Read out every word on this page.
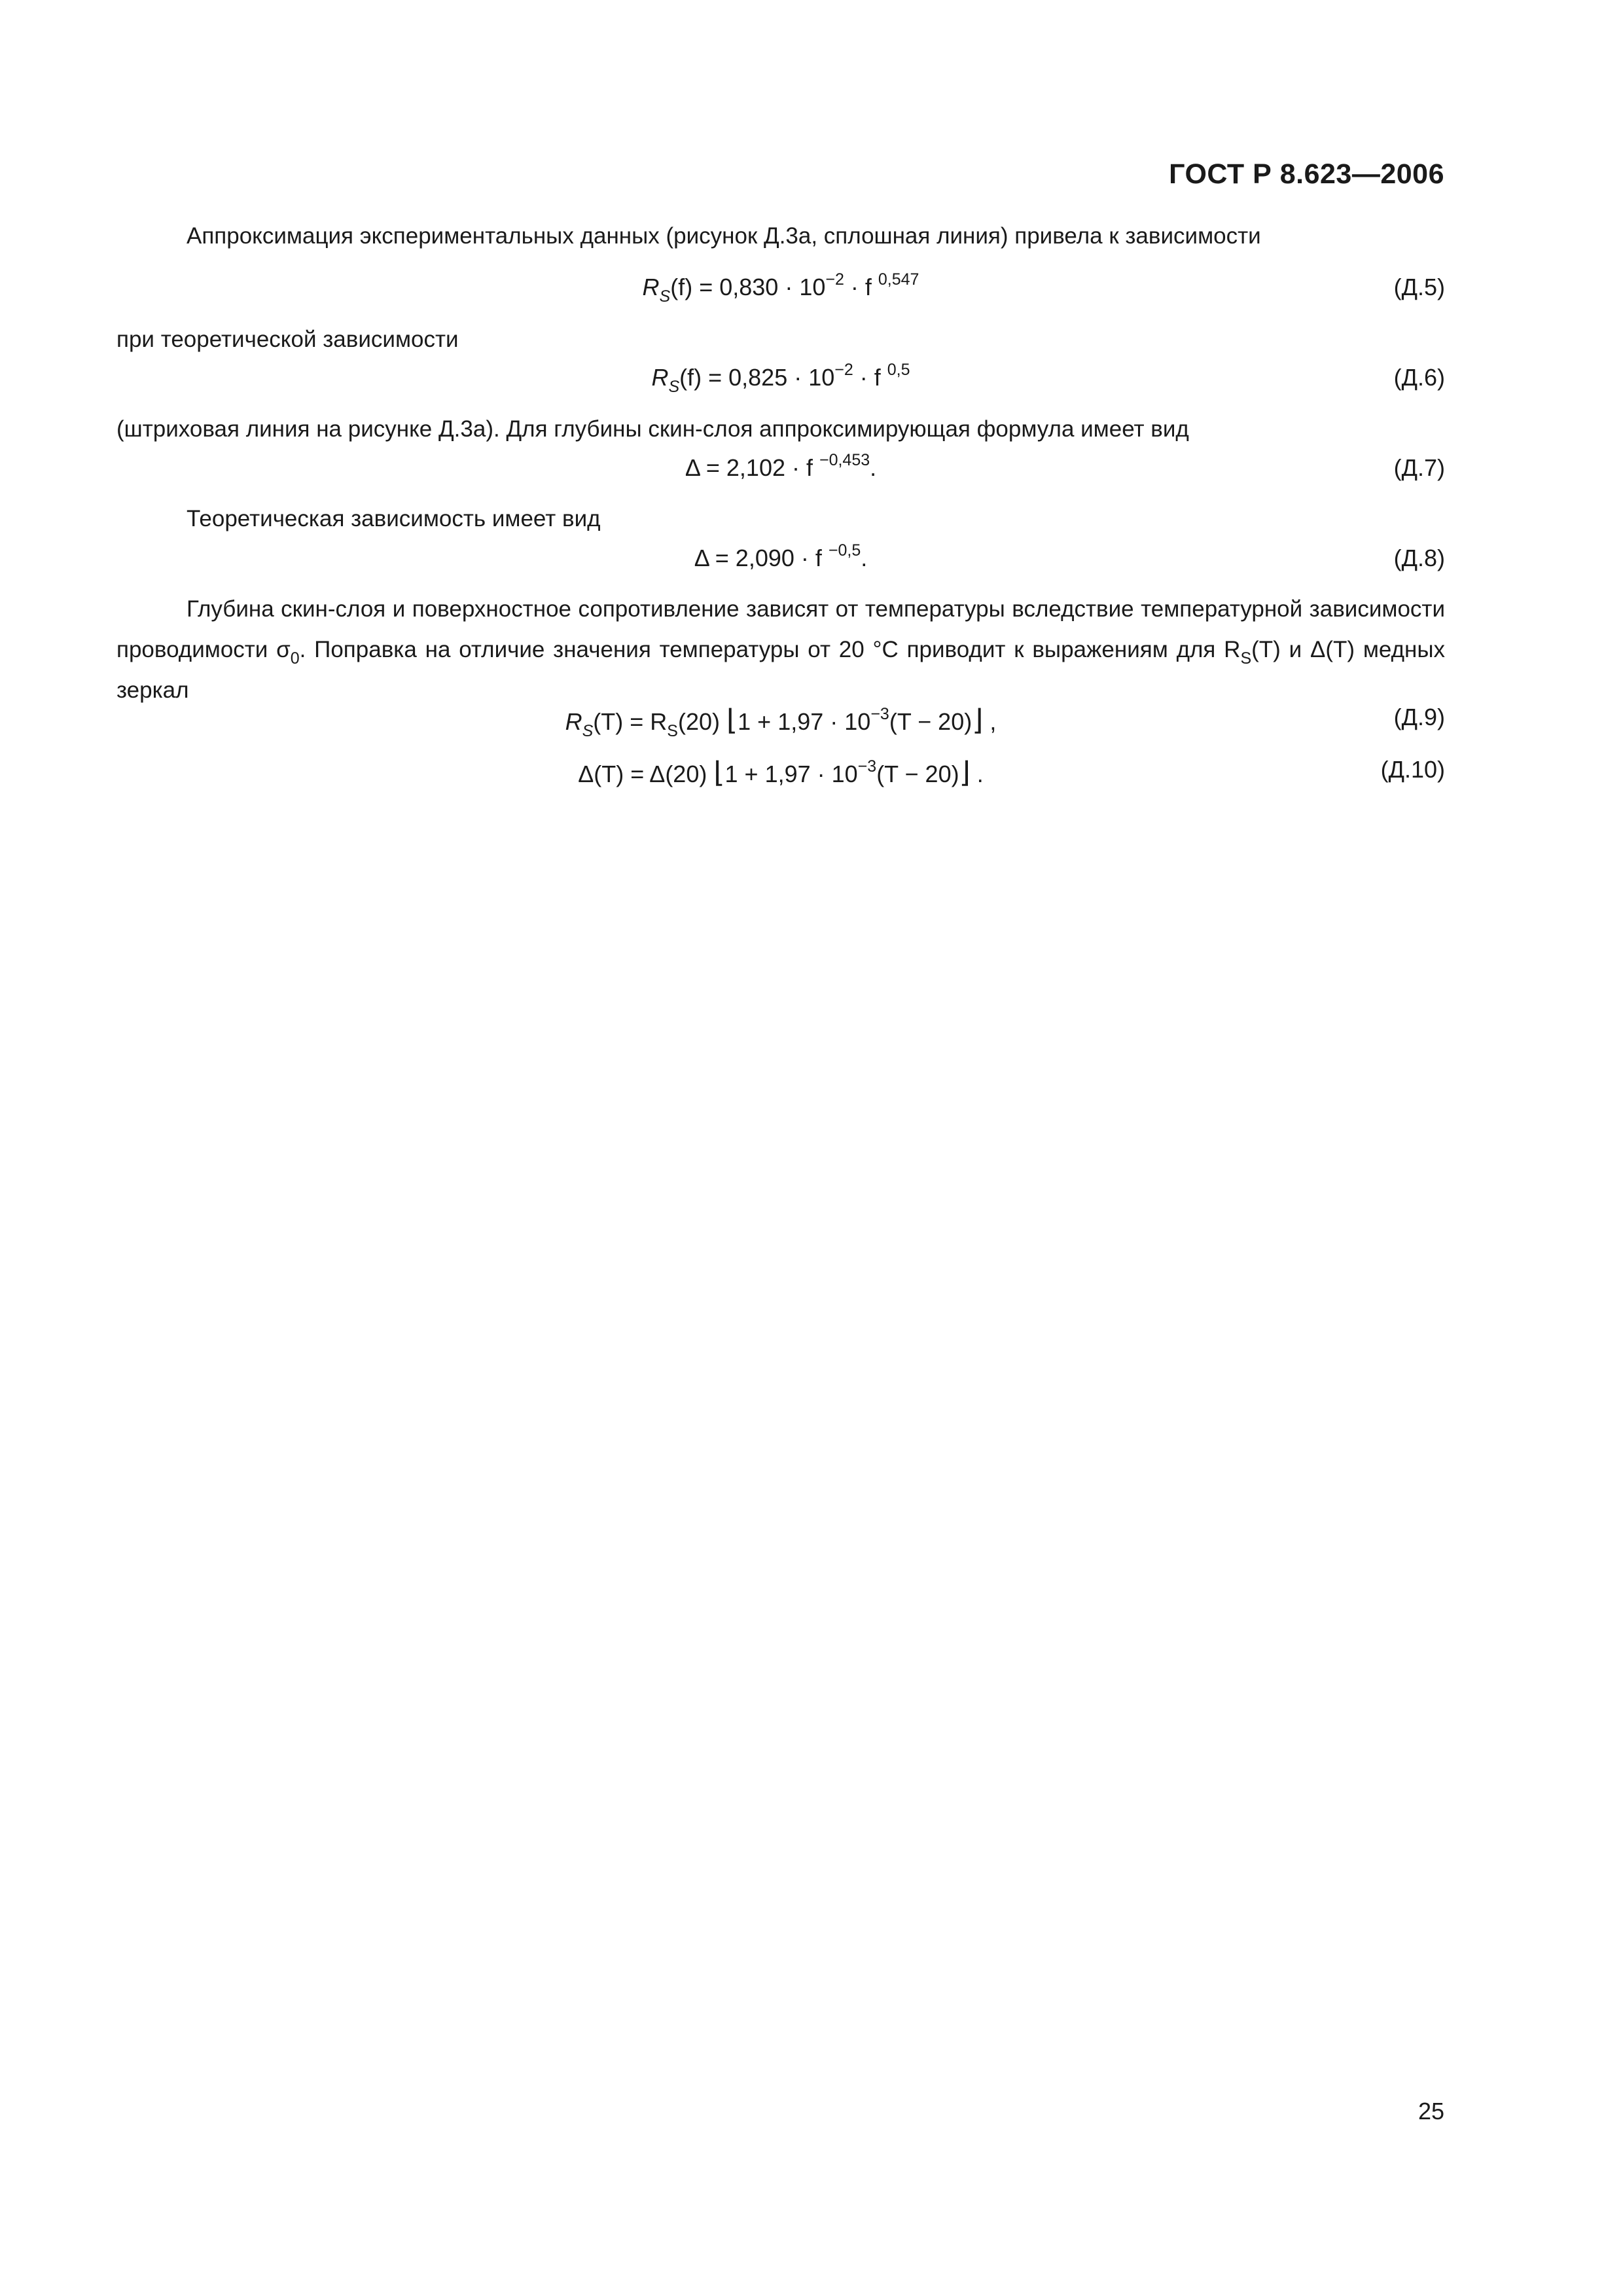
ГОСТ Р 8.623—2006

Аппроксимация экспериментальных данных (рисунок Д.3а, сплошная линия) привела к зависимости

$R_S(f) = 0,830 \cdot 10^{-2} \cdot f$ $^{0,547}$	(Д.5)

при теоретической зависимости

$R_S(f) = 0,825 \cdot 10^{-2} \cdot f$ $^{0,5}$	(Д.6)

(штриховая линия на рисунке Д.3а). Для глубины скин-слоя аппроксимирующая формула имеет вид

Δ = 2,102 · f $^{-0,453}$.	(Д.7)

Теоретическая зависимость имеет вид

Δ = 2,090 · f $^{-0,5}$.	(Д.8)

Глубина скин-слоя и поверхностное сопротивление зависят от температуры вследствие температурной зависимости проводимости $\sigma_0$. Поправка на отличие значения температуры от 20 °С приводит к выражениям для $R_S(T)$ и Δ(T) медных зеркал

$R_S(T) = R_S(20)$ ⌊1 + $1,97 \cdot 10^{-3}(T$ − 20)⌋ ,	(Д.9)
Δ(T) = Δ(20) ⌊1 + $1,97 \cdot 10^{-3}(T$ − 20)⌋ .	(Д.10)
25
